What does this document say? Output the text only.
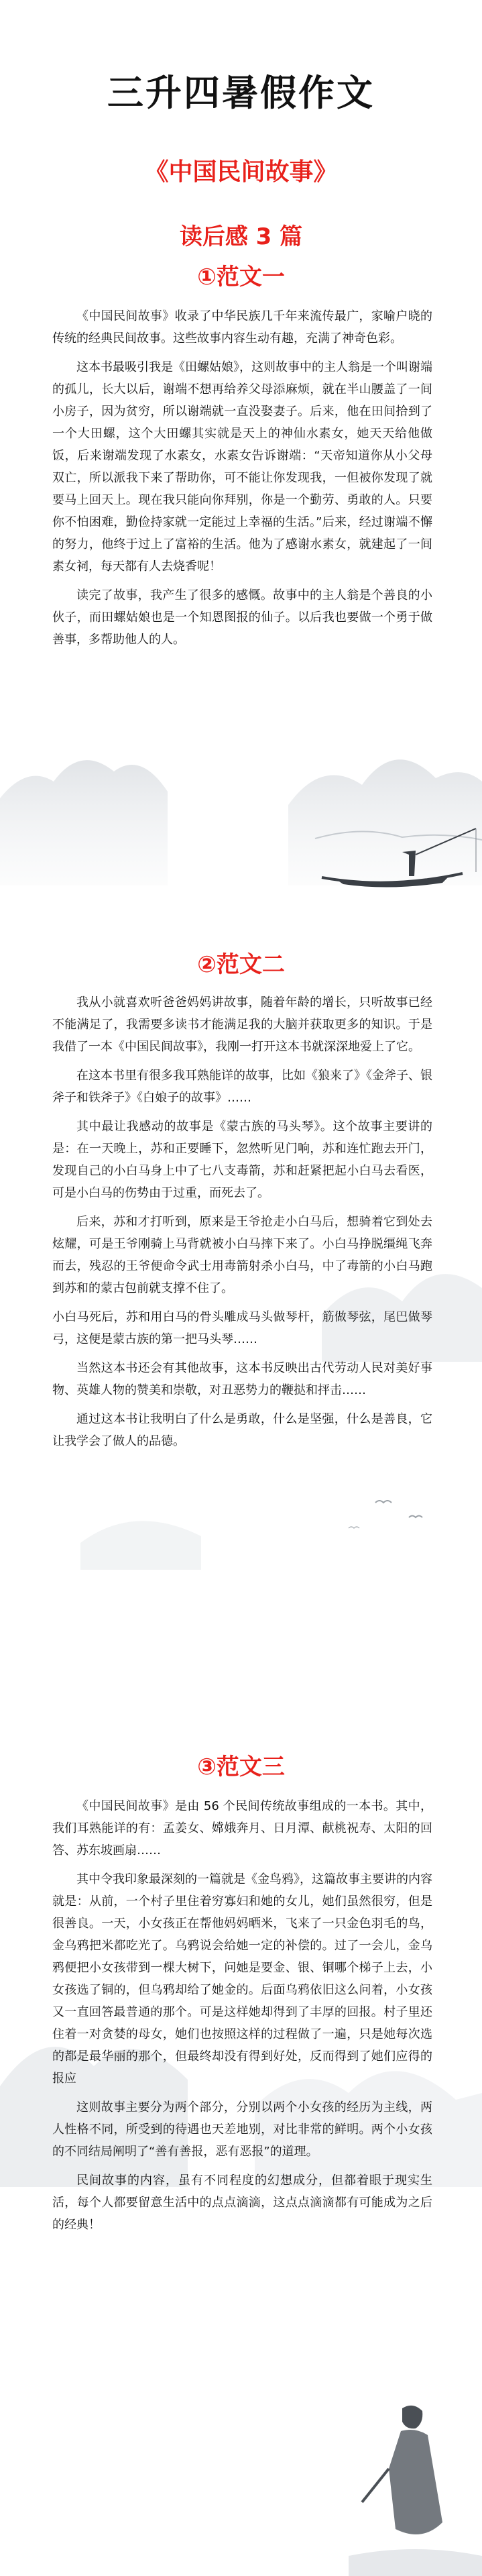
三升四暑假作文
《中国民间故事》
读后感 3 篇
①范文一

《中国民间故事》收录了中华民族几千年来流传最广，家喻户晓的传统的经典民间故事。这些故事内容生动有趣，充满了神奇色彩。

这本书最吸引我是《田螺姑娘》，这则故事中的主人翁是一个叫谢端的孤儿，长大以后，谢端不想再给养父母添麻烦，就在半山腰盖了一间小房子，因为贫穷，所以谢端就一直没娶妻子。后来，他在田间拾到了一个大田螺，这个大田螺其实就是天上的神仙水素女，她天天给他做饭，后来谢端发现了水素女，水素女告诉谢端：“天帝知道你从小父母双亡，所以派我下来了帮助你，可不能让你发现我，一但被你发现了就要马上回天上。现在我只能向你拜别，你是一个勤劳、勇敢的人。只要你不怕困难，勤俭持家就一定能过上幸福的生活。”后来，经过谢端不懈的努力，他终于过上了富裕的生活。他为了感谢水素女，就建起了一间素女祠，每天都有人去烧香呢！

读完了故事，我产生了很多的感慨。故事中的主人翁是个善良的小伙子，而田螺姑娘也是一个知恩图报的仙子。以后我也要做一个勇于做善事，多帮助他人的人。

②范文二

我从小就喜欢听爸爸妈妈讲故事，随着年龄的增长，只听故事已经不能满足了，我需要多读书才能满足我的大脑并获取更多的知识。于是我借了一本《中国民间故事》，我刚一打开这本书就深深地爱上了它。

在这本书里有很多我耳熟能详的故事，比如《狼来了》《金斧子、银斧子和铁斧子》《白娘子的故事》……

其中最让我感动的故事是《蒙古族的马头琴》。这个故事主要讲的是：在一天晚上，苏和正要睡下，忽然听见门响，苏和连忙跑去开门，发现自己的小白马身上中了七八支毒箭，苏和赶紧把起小白马去看医，可是小白马的伤势由于过重，而死去了。

后来，苏和才打听到，原来是王爷抢走小白马后，想骑着它到处去炫耀，可是王爷刚骑上马背就被小白马摔下来了。小白马挣脱缰绳飞奔而去，残忍的王爷便命令武士用毒箭射杀小白马，中了毒箭的小白马跑到苏和的蒙古包前就支撑不住了。

小白马死后，苏和用白马的骨头雕成马头做琴杆，筋做琴弦，尾巴做琴弓，这便是蒙古族的第一把马头琴……

当然这本书还会有其他故事，这本书反映出古代劳动人民对美好事物、英雄人物的赞美和崇敬，对丑恶势力的鞭挞和抨击……

通过这本书让我明白了什么是勇敢，什么是坚强，什么是善良，它让我学会了做人的品德。

③范文三

《中国民间故事》是由 56 个民间传统故事组成的一本书。其中，我们耳熟能详的有：孟姜女、嫦娥奔月、日月潭、献桃祝寿、太阳的回答、苏东坡画扇……

其中令我印象最深刻的一篇就是《金鸟鸦》，这篇故事主要讲的内容就是：从前，一个村子里住着穷寡妇和她的女儿，她们虽然很穷，但是很善良。一天，小女孩正在帮他妈妈晒米，飞来了一只金色羽毛的鸟，金乌鸦把米都吃光了。乌鸦说会给她一定的补偿的。过了一会儿，金乌鸦便把小女孩带到一棵大树下，问她是要金、银、铜哪个梯子上去，小女孩选了铜的，但乌鸦却给了她金的。后面乌鸦依旧这么问着，小女孩又一直回答最普通的那个。可是这样她却得到了丰厚的回报。村子里还住着一对贪婪的母女，她们也按照这样的过程做了一遍，只是她每次选的都是最华丽的那个，但最终却没有得到好处，反而得到了她们应得的报应

这则故事主要分为两个部分，分别以两个小女孩的经历为主线，两人性格不同，所受到的待遇也天差地别，对比非常的鲜明。两个小女孩的不同结局阐明了“善有善报，恶有恶报”的道理。

民间故事的内容，虽有不同程度的幻想成分，但都着眼于现实生活，每个人都要留意生活中的点点滴滴，这点点滴滴都有可能成为之后的经典！
